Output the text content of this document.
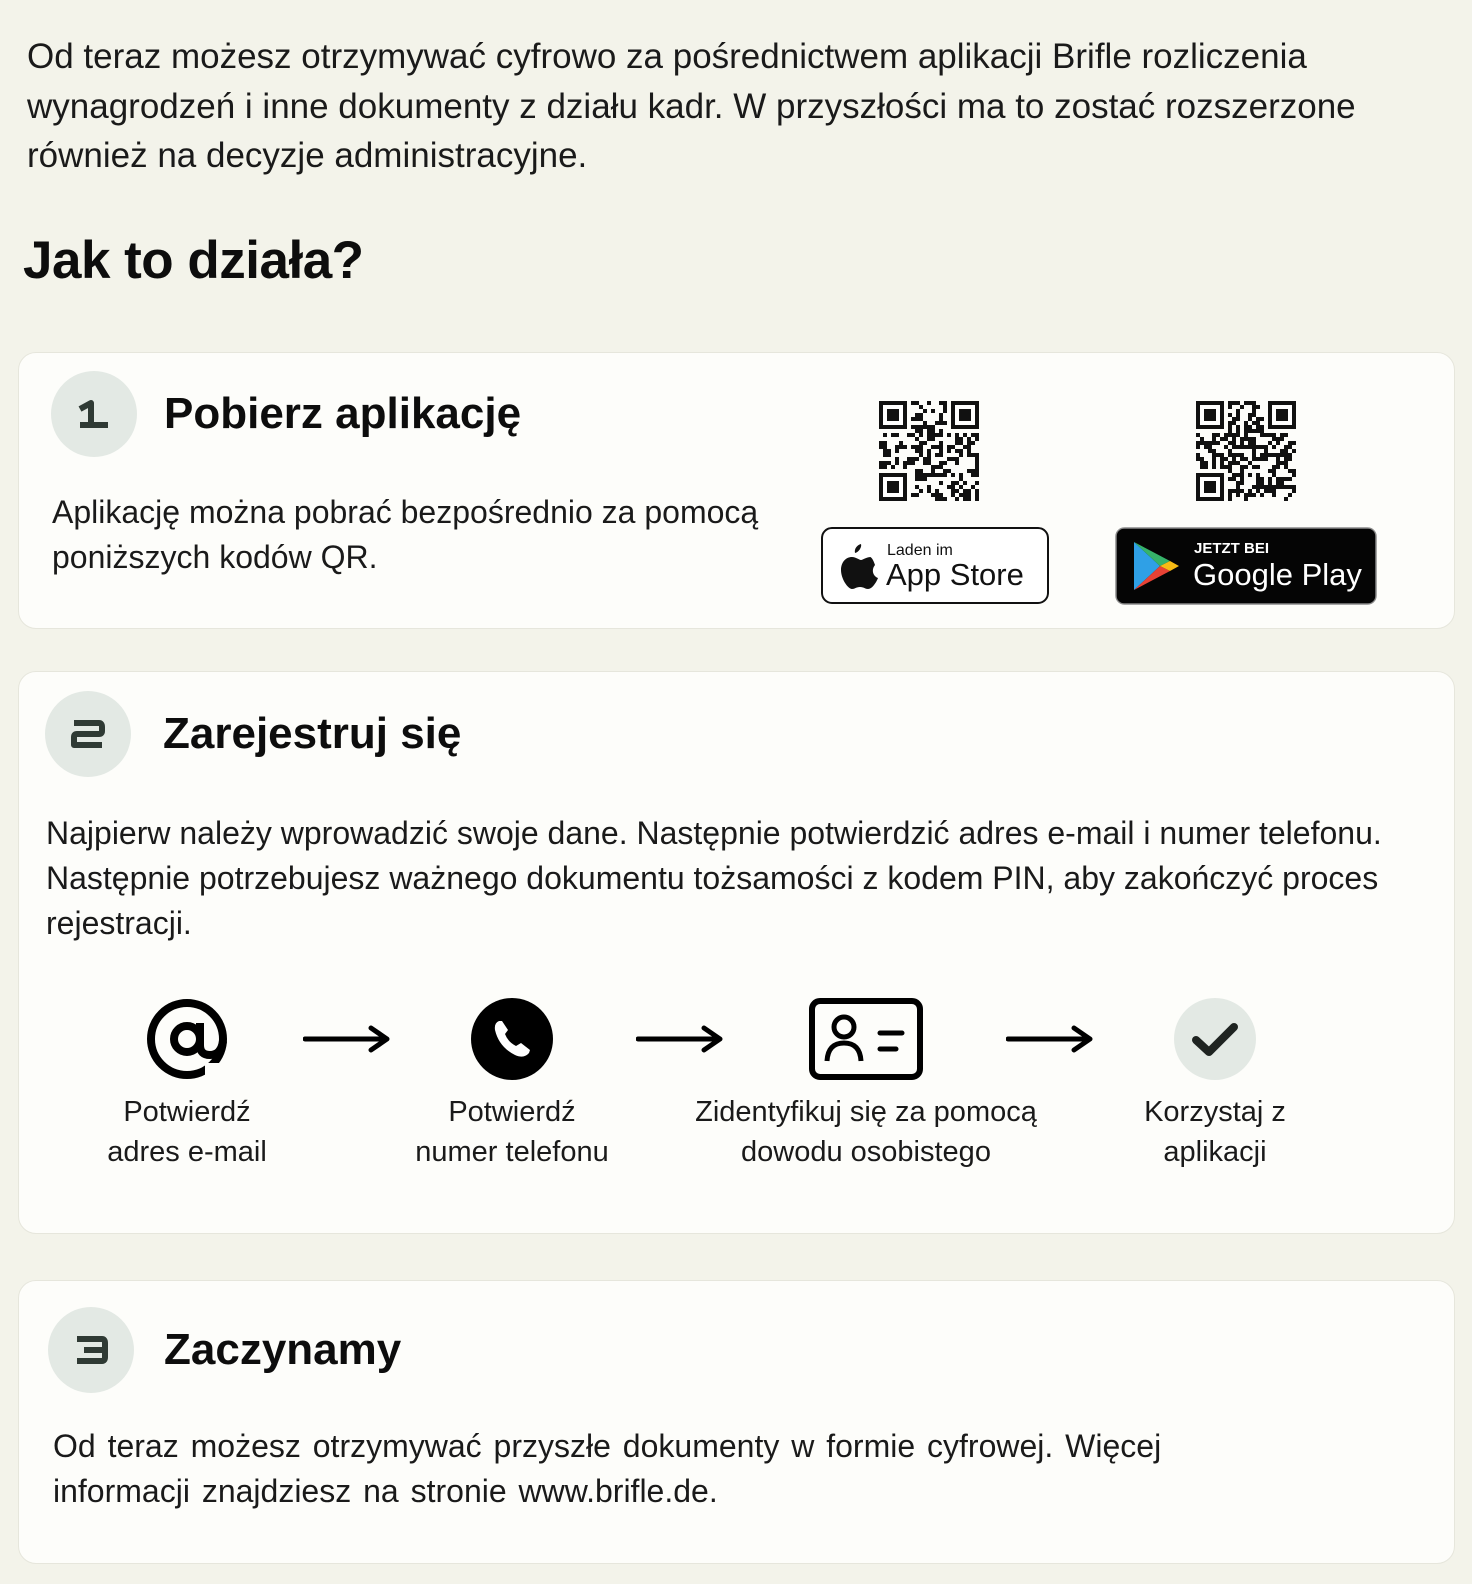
Od teraz możesz otrzymywać cyfrowo za pośrednictwem aplikacji Brifle rozliczenia
wynagrodzeń i inne dokumenty z działu kadr. W przyszłości ma to zostać rozszerzone
również na decyzje administracyjne.
Jak to działa?
Pobierz aplikację
Aplikację można pobrać bezpośrednio za pomocą
poniższych kodów QR.	Laden im
App Store
JETZT BEI
Google Play
Zarejestruj się
Najpierw należy wprowadzić swoje dane. Następnie potwierdzić adres e-mail i numer telefonu.
Następnie potrzebujesz ważnego dokumentu tożsamości z kodem PIN, aby zakończyć proces
rejestracji.
Potwierdź
adres e-mail
Potwierdź
numer telefonu
Zidentyfikuj się za pomocą
dowodu osobistego
Korzystaj z
aplikacji
Zaczynamy
Od teraz możesz otrzymywać przyszłe dokumenty w formie cyfrowej. Więcej
informacji znajdziesz na stronie www.brifle.de.
